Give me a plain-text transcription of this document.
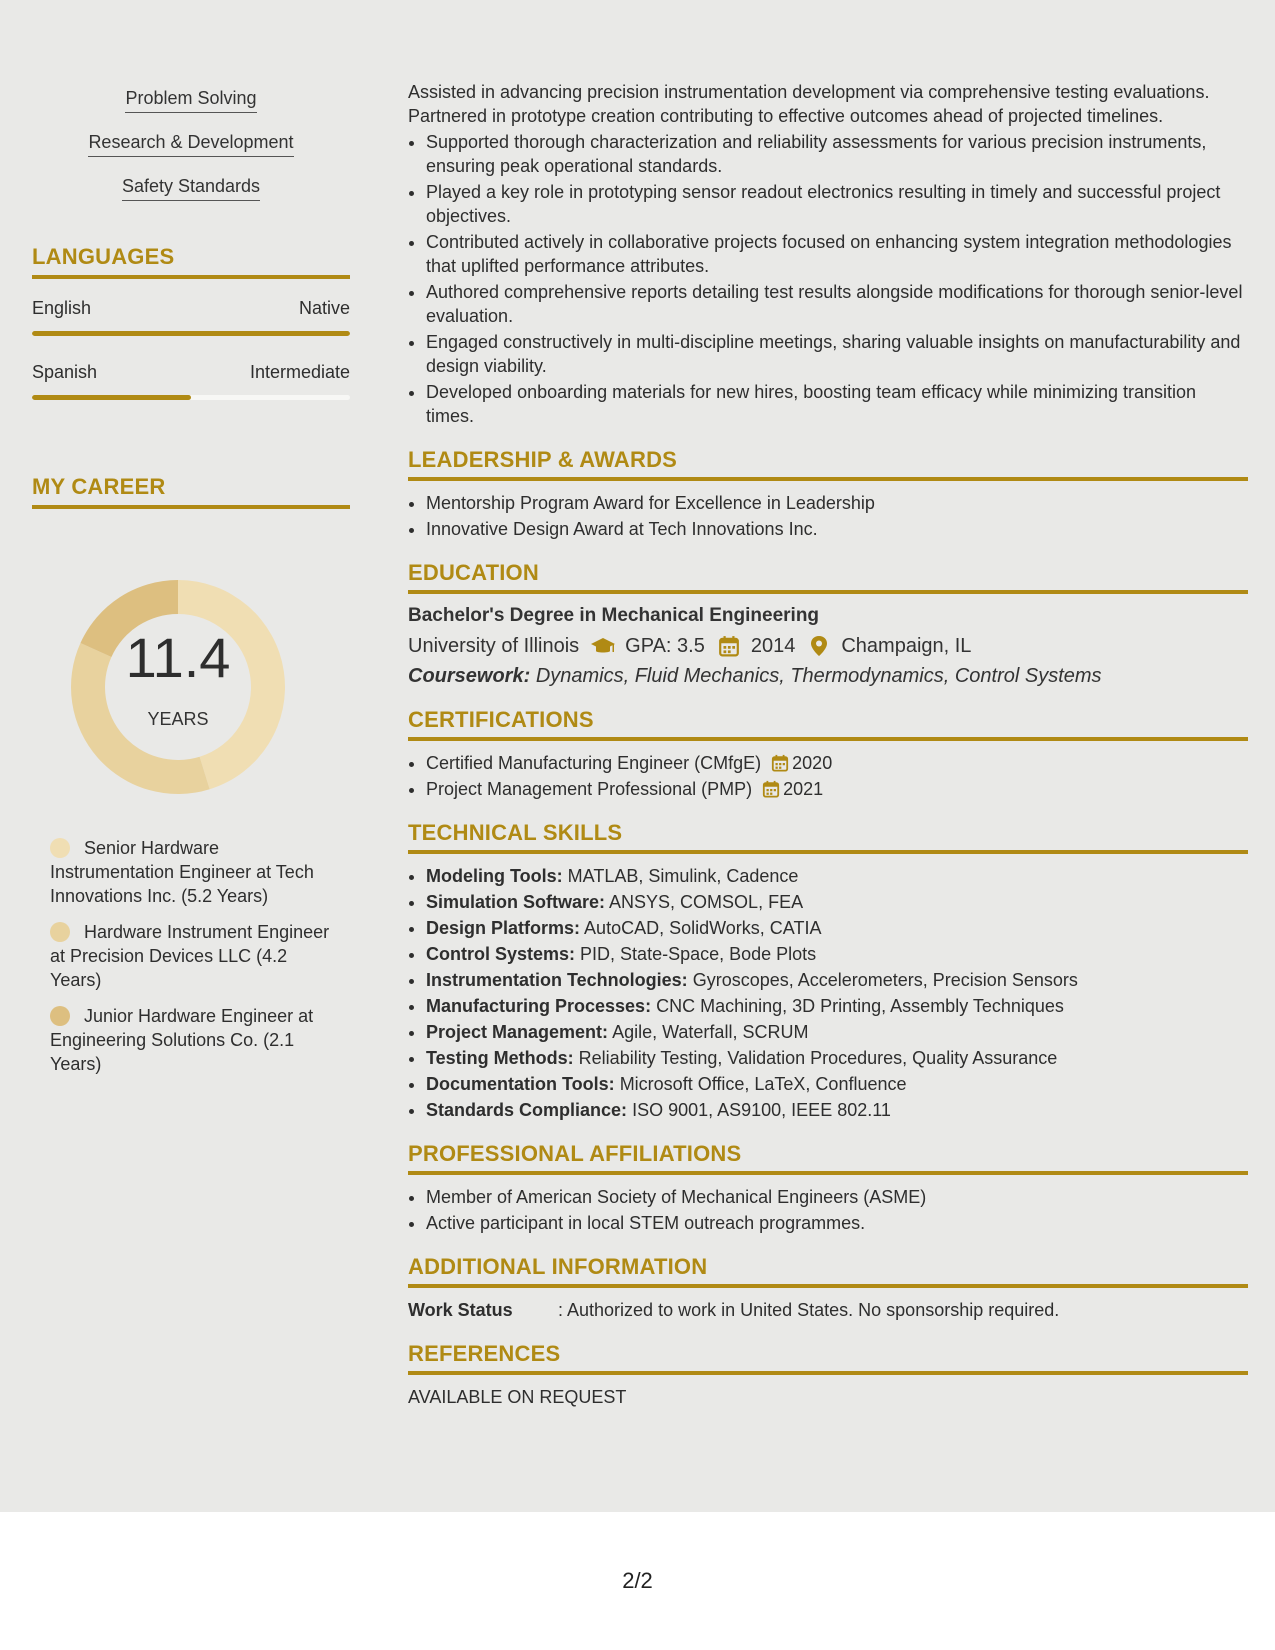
Problem Solving
Research & Development
Safety Standards
LANGUAGES
English	Native
Spanish	Intermediate
MY CAREER
11.4
YEARS
Senior Hardware Instrumentation Engineer at Tech Innovations Inc. (5.2 Years)
Hardware Instrument Engineer at Precision Devices LLC (4.2 Years)
Junior Hardware Engineer at Engineering Solutions Co. (2.1 Years)

Assisted in advancing precision instrumentation development via comprehensive testing evaluations. Partnered in prototype creation contributing to effective outcomes ahead of projected timelines.

• Supported thorough characterization and reliability assessments for various precision instruments, ensuring peak operational standards.
• Played a key role in prototyping sensor readout electronics resulting in timely and successful project objectives.
• Contributed actively in collaborative projects focused on enhancing system integration methodologies that uplifted performance attributes.
• Authored comprehensive reports detailing test results alongside modifications for thorough senior-level evaluation.
• Engaged constructively in multi-discipline meetings, sharing valuable insights on manufacturability and design viability.
• Developed onboarding materials for new hires, boosting team efficacy while minimizing transition times.
LEADERSHIP & AWARDS
• Mentorship Program Award for Excellence in Leadership
• Innovative Design Award at Tech Innovations Inc.
EDUCATION
Bachelor's Degree in Mechanical Engineering
University of Illinois GPA: 3.5 2014 Champaign, IL
Coursework: Dynamics, Fluid Mechanics, Thermodynamics, Control Systems
CERTIFICATIONS
• Certified Manufacturing Engineer (CMfgE) 2020
• Project Management Professional (PMP) 2021
TECHNICAL SKILLS
• Modeling Tools: MATLAB, Simulink, Cadence
• Simulation Software: ANSYS, COMSOL, FEA
• Design Platforms: AutoCAD, SolidWorks, CATIA
• Control Systems: PID, State-Space, Bode Plots
• Instrumentation Technologies: Gyroscopes, Accelerometers, Precision Sensors
• Manufacturing Processes: CNC Machining, 3D Printing, Assembly Techniques
• Project Management: Agile, Waterfall, SCRUM
• Testing Methods: Reliability Testing, Validation Procedures, Quality Assurance
• Documentation Tools: Microsoft Office, LaTeX, Confluence
• Standards Compliance: ISO 9001, AS9100, IEEE 802.11
PROFESSIONAL AFFILIATIONS
• Member of American Society of Mechanical Engineers (ASME)
• Active participant in local STEM outreach programmes.
ADDITIONAL INFORMATION
Work Status	: Authorized to work in United States. No sponsorship required.
REFERENCES
AVAILABLE ON REQUEST
2/2
